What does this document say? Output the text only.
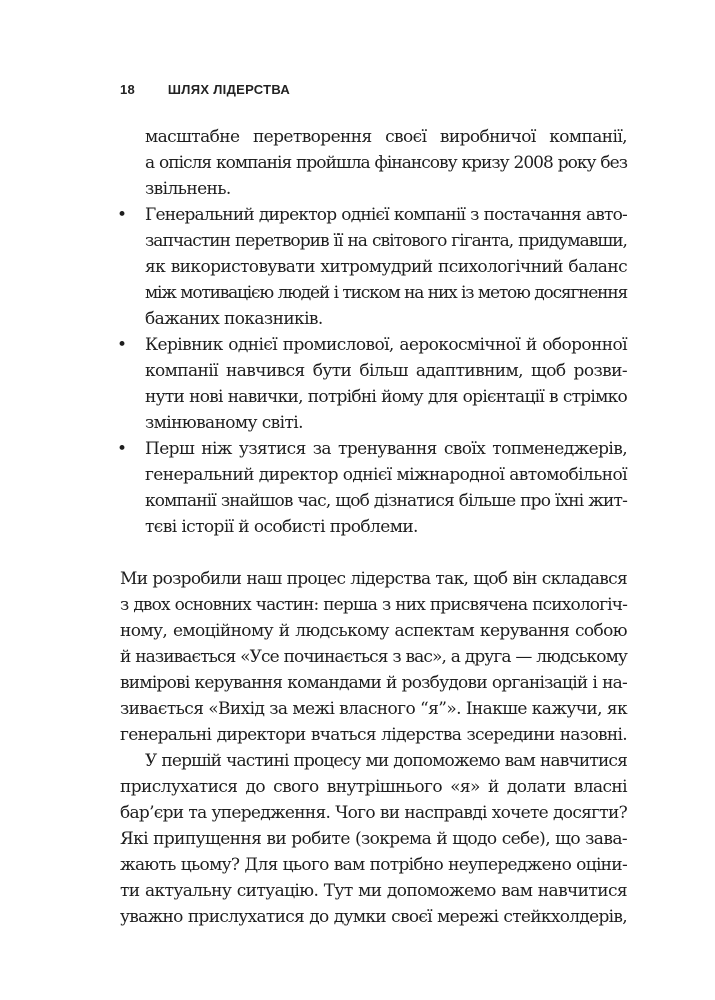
18	ШЛЯХ ЛІДЕРСТВА
масштабне перетворення своєї виробничої компанії,
а опісля компанія пройшла фінансову кризу 2008 року без
звільнень.
• Генеральний директор однієї компанії з постачання авто-
запчастин перетворив її на світового гіганта, придумавши,
як використовувати хитромудрий психологічний баланс
між мотивацією людей і тиском на них із метою досягнення
бажаних показників.
• Керівник однієї промислової, аерокосмічної й оборонної
компанії навчився бути більш адаптивним, щоб розви-
нути нові навички, потрібні йому для орієнтації в стрімко
змінюваному світі.
• Перш ніж узятися за тренування своїх топменеджерів,
генеральний директор однієї міжнародної автомобільної
компанії знайшов час, щоб дізнатися більше про їхні жит-
тєві історії й особисті проблеми.
Ми розробили наш процес лідерства так, щоб він складався
з двох основних частин: перша з них присвячена психологіч-
ному, емоційному й людському аспектам керування собою
й називається «Усе починається з вас», а друга — людському
вимірові керування командами й розбудови організацій і на-
зивається «Вихід за межі власного “я”». Інакше кажучи, як
генеральні директори вчаться лідерства зсередини назовні.
У першій частині процесу ми допоможемо вам навчитися
прислухатися до свого внутрішнього «я» й долати власні
бар’єри та упередження. Чого ви насправді хочете досягти?
Які припущення ви робите (зокрема й щодо себе), що зава-
жають цьому? Для цього вам потрібно неупереджено оціни-
ти актуальну ситуацію. Тут ми допоможемо вам навчитися
уважно прислухатися до думки своєї мережі стейкхолдерів,
